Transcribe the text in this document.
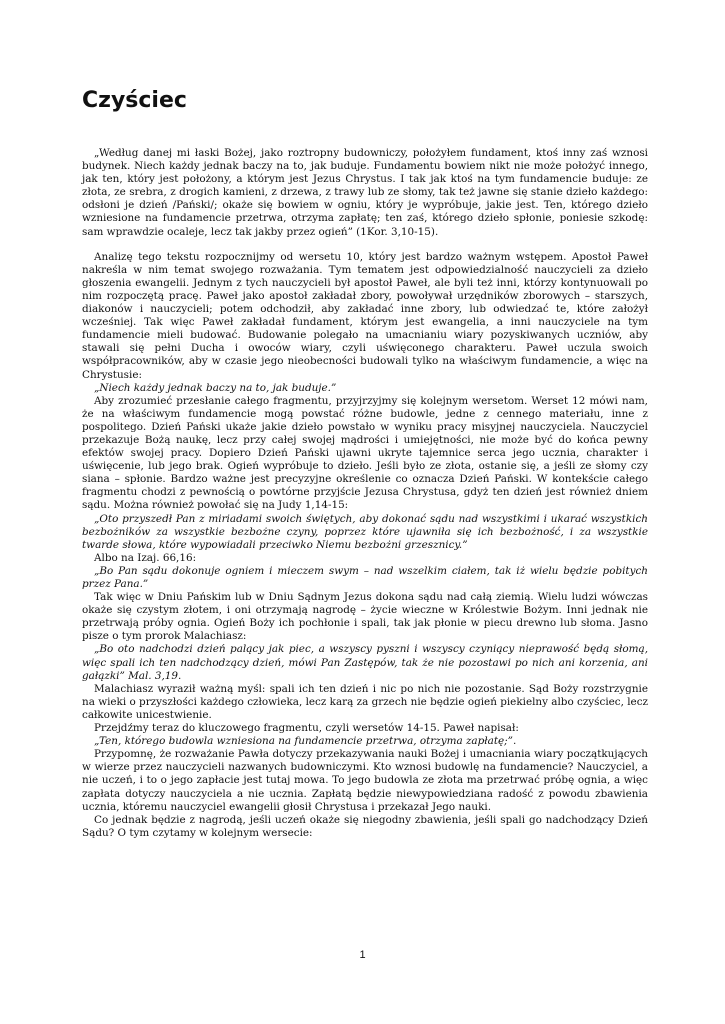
Czyściec

„Według danej mi łaski Bożej, jako roztropny budowniczy, położyłem fundament, ktoś inny zaś wznosi budynek. Niech każdy jednak baczy na to, jak buduje. Fundamentu bowiem nikt nie może położyć innego, jak ten, który jest położony, a którym jest Jezus Chrystus. I tak jak ktoś na tym fundamencie buduje: ze złota, ze srebra, z drogich kamieni, z drzewa, z trawy lub ze słomy, tak też jawne się stanie dzieło każdego: odsłoni je dzień /Pański/; okaże się bowiem w ogniu, który je wypróbuje, jakie jest. Ten, którego dzieło wzniesione na fundamencie przetrwa, otrzyma zapłatę; ten zaś, którego dzieło spłonie, poniesie szkodę: sam wprawdzie ocaleje, lecz tak jakby przez ogień” (1Kor. 3,10-15).

Analizę tego tekstu rozpocznijmy od wersetu 10, który jest bardzo ważnym wstępem. Apostoł Paweł nakreśla w nim temat swojego rozważania. Tym tematem jest odpowiedzialność nauczycieli za dzieło głoszenia ewangelii. Jednym z tych nauczycieli był apostoł Paweł, ale byli też inni, którzy kontynuowali po nim rozpoczętą pracę. Paweł jako apostoł zakładał zbory, powoływał urzędników zborowych – starszych, diakonów i nauczycieli; potem odchodził, aby zakładać inne zbory, lub odwiedzać te, które założył wcześniej. Tak więc Paweł zakładał fundament, którym jest ewangelia, a inni nauczyciele na tym fundamencie mieli budować. Budowanie polegało na umacnianiu wiary pozyskiwanych uczniów, aby stawali się pełni Ducha i owoców wiary, czyli uświęconego charakteru. Paweł uczula swoich współpracowników, aby w czasie jego nieobecności budowali tylko na właściwym fundamencie, a więc na Chrystusie:

„Niech każdy jednak baczy na to, jak buduje.”

Aby zrozumieć przesłanie całego fragmentu, przyjrzyjmy się kolejnym wersetom. Werset 12 mówi nam, że na właściwym fundamencie mogą powstać różne budowle, jedne z cennego materiału, inne z pospolitego. Dzień Pański ukaże jakie dzieło powstało w wyniku pracy misyjnej nauczyciela. Nauczyciel przekazuje Bożą naukę, lecz przy całej swojej mądrości i umiejętności, nie może być do końca pewny efektów swojej pracy. Dopiero Dzień Pański ujawni ukryte tajemnice serca jego ucznia, charakter i uświęcenie, lub jego brak. Ogień wypróbuje to dzieło. Jeśli było ze złota, ostanie się, a jeśli ze słomy czy siana – spłonie. Bardzo ważne jest precyzyjne określenie co oznacza Dzień Pański. W kontekście całego fragmentu chodzi z pewnością o powtórne przyjście Jezusa Chrystusa, gdyż ten dzień jest również dniem sądu. Można również powołać się na Judy 1,14-15:

„Oto przyszedł Pan z miriadami swoich świętych, aby dokonać sądu nad wszystkimi i ukarać wszystkich bezbożników za wszystkie bezbożne czyny, poprzez które ujawniła się ich bezbożność, i za wszystkie twarde słowa, które wypowiadali przeciwko Niemu bezbożni grzesznicy.”

Albo na Izaj. 66,16:

„Bo Pan sądu dokonuje ogniem i mieczem swym – nad wszelkim ciałem, tak iż wielu będzie pobitych przez Pana.”

Tak więc w Dniu Pańskim lub w Dniu Sądnym Jezus dokona sądu nad całą ziemią. Wielu ludzi wówczas okaże się czystym złotem, i oni otrzymają nagrodę – życie wieczne w Królestwie Bożym. Inni jednak nie przetrwają próby ognia. Ogień Boży ich pochłonie i spali, tak jak płonie w piecu drewno lub słoma. Jasno pisze o tym prorok Malachiasz:

„Bo oto nadchodzi dzień palący jak piec, a wszyscy pyszni i wszyscy czyniący nieprawość będą słomą, więc spali ich ten nadchodzący dzień, mówi Pan Zastępów, tak że nie pozostawi po nich ani korzenia, ani gałązki” Mal. 3,19.

Malachiasz wyraził ważną myśl: spali ich ten dzień i nic po nich nie pozostanie. Sąd Boży rozstrzygnie na wieki o przyszłości każdego człowieka, lecz karą za grzech nie będzie ogień piekielny albo czyściec, lecz całkowite unicestwienie.

Przejdźmy teraz do kluczowego fragmentu, czyli wersetów 14-15. Paweł napisał:

„Ten, którego budowla wzniesiona na fundamencie przetrwa, otrzyma zapłatę;”.

Przypomnę, że rozważanie Pawła dotyczy przekazywania nauki Bożej i umacniania wiary początkujących w wierze przez nauczycieli nazwanych budowniczymi. Kto wznosi budowlę na fundamencie? Nauczyciel, a nie uczeń, i to o jego zapłacie jest tutaj mowa. To jego budowla ze złota ma przetrwać próbę ognia, a więc zapłata dotyczy nauczyciela a nie ucznia. Zapłatą będzie niewypowiedziana radość z powodu zbawienia ucznia, któremu nauczyciel ewangelii głosił Chrystusa i przekazał Jego nauki.

Co jednak będzie z nagrodą, jeśli uczeń okaże się niegodny zbawienia, jeśli spali go nadchodzący Dzień Sądu? O tym czytamy w kolejnym wersecie:

1
